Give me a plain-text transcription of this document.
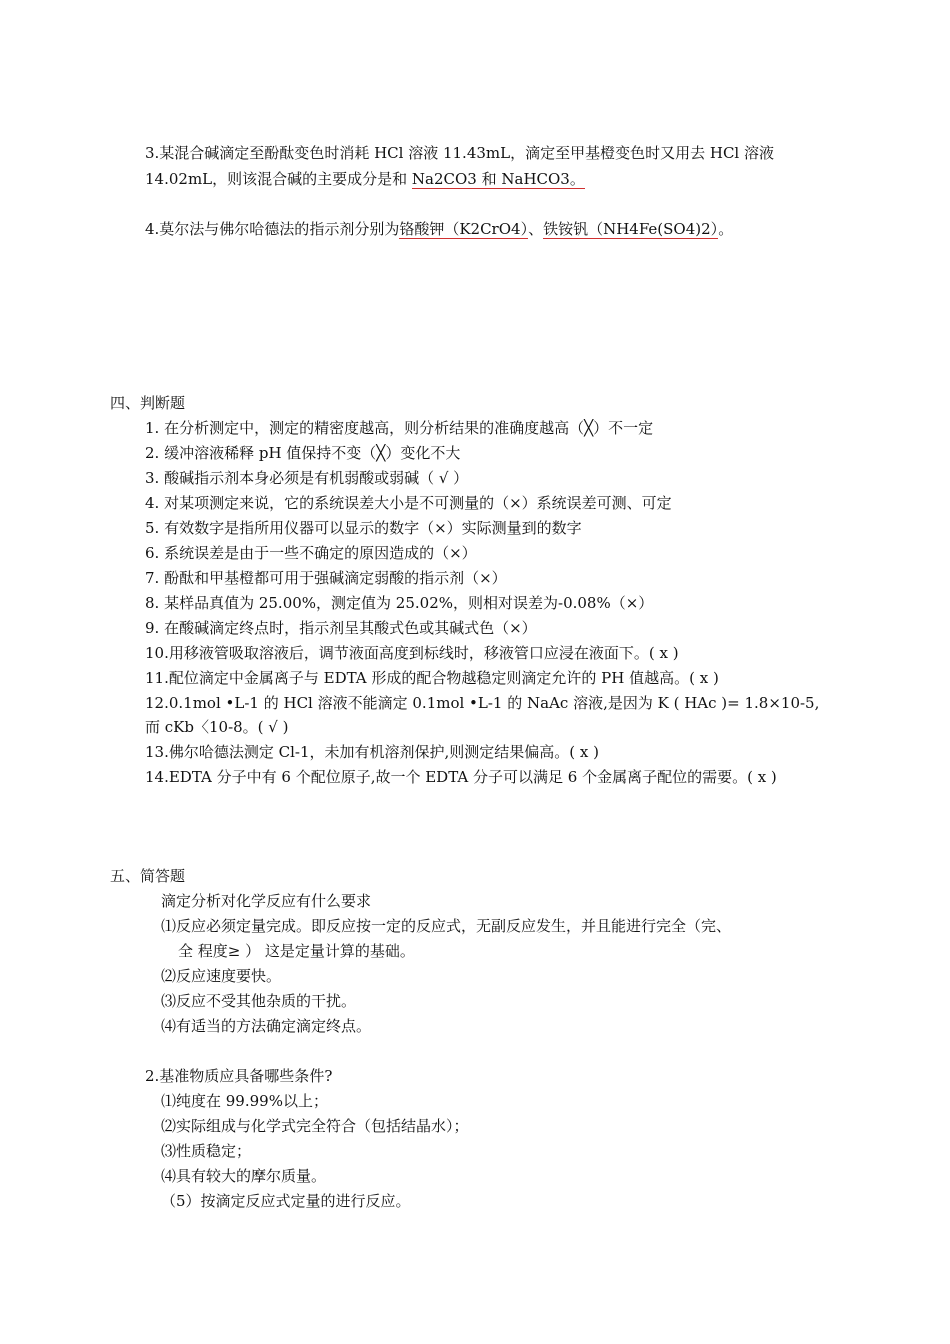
3.某混合碱滴定至酚酞变色时消耗 HCl 溶液 11.43mL，滴定至甲基橙变色时又用去 HCl 溶液
14.02mL，则该混合碱的主要成分是和 Na2CO3 和 NaHCO3。
4.莫尔法与佛尔哈德法的指示剂分别为铬酸钾（K2CrO4）、铁铵钒（NH4Fe(SO4)2）。
四、判断题
1. 在分析测定中，测定的精密度越高，则分析结果的准确度越高（╳）不一定
2. 缓冲溶液稀释 pH 值保持不变（╳）变化不大
3. 酸碱指示剂本身必须是有机弱酸或弱碱（ √ ）
4. 对某项测定来说，它的系统误差大小是不可测量的（×）系统误差可测、可定
5. 有效数字是指所用仪器可以显示的数字（×）实际测量到的数字
6. 系统误差是由于一些不确定的原因造成的（×）
7. 酚酞和甲基橙都可用于强碱滴定弱酸的指示剂（×）
8. 某样品真值为 25.00%，测定值为 25.02%，则相对误差为-0.08%（×）
9. 在酸碱滴定终点时，指示剂呈其酸式色或其碱式色（×）
10.用移液管吸取溶液后，调节液面高度到标线时，移液管口应浸在液面下。( x )
11.配位滴定中金属离子与 EDTA 形成的配合物越稳定则滴定允许的 PH 值越高。( x )
12.0.1mol •L-1 的 HCl 溶液不能滴定 0.1mol •L-1 的 NaAc 溶液,是因为 K ( HAc )= 1.8×10-5,
而 cKb〈10-8。( √ )
13.佛尔哈德法测定 Cl-1，未加有机溶剂保护,则测定结果偏高。( x )
14.EDTA 分子中有 6 个配位原子,故一个 EDTA 分子可以满足 6 个金属离子配位的需要。( x )
五、简答题
滴定分析对化学反应有什么要求
⑴反应必须定量完成。即反应按一定的反应式，无副反应发生，并且能进行完全（完、
全 程度≥ ） 这是定量计算的基础。
⑵反应速度要快。
⑶反应不受其他杂质的干扰。
⑷有适当的方法确定滴定终点。
2.基准物质应具备哪些条件?
⑴纯度在 99.99%以上；
⑵实际组成与化学式完全符合（包括结晶水）；
⑶性质稳定；
⑷具有较大的摩尔质量。
（5）按滴定反应式定量的进行反应。
